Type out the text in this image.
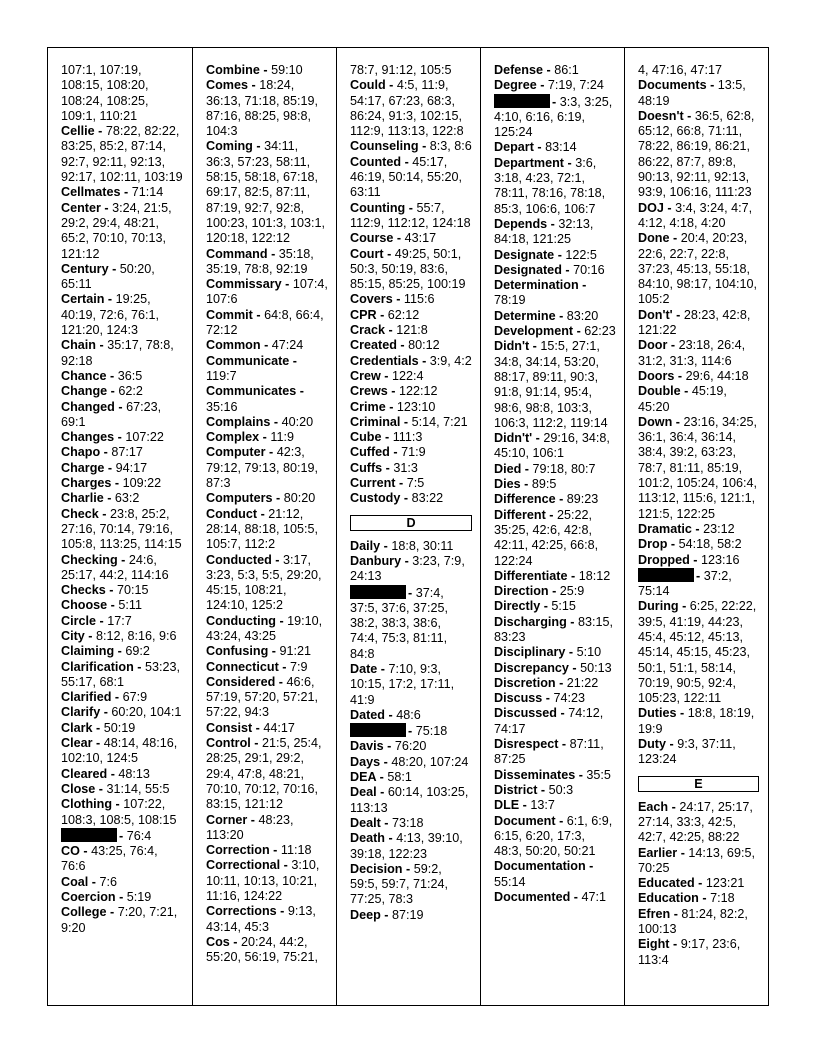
107:1, 107:19, 108:15, 108:20, 108:24, 108:25, 109:1, 110:21
Cellie - 78:22, 82:22, 83:25, 85:2, 87:14, 92:7, 92:11, 92:13, 92:17, 102:11, 103:19
Cellmates - 71:14
Center - 3:24, 21:5, 29:2, 29:4, 48:21, 65:2, 70:10, 70:13, 121:12
Century - 50:20, 65:11
Certain - 19:25, 40:19, 72:6, 76:1, 121:20, 124:3
Chain - 35:17, 78:8, 92:18
Chance - 36:5
Change - 62:2
Changed - 67:23, 69:1
Changes - 107:22
Chapo - 87:17
Charge - 94:17
Charges - 109:22
Charlie - 63:2
Check - 23:8, 25:2, 27:16, 70:14, 79:16, 105:8, 113:25, 114:15
Checking - 24:6, 25:17, 44:2, 114:16
Checks - 70:15
Choose - 5:11
Circle - 17:7
City - 8:12, 8:16, 9:6
Claiming - 69:2
Clarification - 53:23, 55:17, 68:1
Clarified - 67:9
Clarify - 60:20, 104:1
Clark - 50:19
Clear - 48:14, 48:16, 102:10, 124:5
Cleared - 48:13
Close - 31:14, 55:5
Clothing - 107:22, 108:3, 108:5, 108:15
- 76:4
CO - 43:25, 76:4, 76:6
Coal - 7:6
Coercion - 5:19
College - 7:20, 7:21, 9:20
Combine - 59:10
Comes - 18:24, 36:13, 71:18, 85:19, 87:16, 88:25, 98:8, 104:3
Coming - 34:11, 36:3, 57:23, 58:11, 58:15, 58:18, 67:18, 69:17, 82:5, 87:11, 87:19, 92:7, 92:8, 100:23, 101:3, 103:1, 120:18, 122:12
Command - 35:18, 35:19, 78:8, 92:19
Commissary - 107:4, 107:6
Commit - 64:8, 66:4, 72:12
Common - 47:24
Communicate - 119:7
Communicates - 35:16
Complains - 40:20
Complex - 11:9
Computer - 42:3, 79:12, 79:13, 80:19, 87:3
Computers - 80:20
Conduct - 21:12, 28:14, 88:18, 105:5, 105:7, 112:2
Conducted - 3:17, 3:23, 5:3, 5:5, 29:20, 45:15, 108:21, 124:10, 125:2
Conducting - 19:10, 43:24, 43:25
Confusing - 91:21
Connecticut - 7:9
Considered - 46:6, 57:19, 57:20, 57:21, 57:22, 94:3
Consist - 44:17
Control - 21:5, 25:4, 28:25, 29:1, 29:2, 29:4, 47:8, 48:21, 70:10, 70:12, 70:16, 83:15, 121:12
Corner - 48:23, 113:20
Correction - 11:18
Correctional - 3:10, 10:11, 10:13, 10:21, 11:16, 124:22
Corrections - 9:13, 43:14, 45:3
Cos - 20:24, 44:2, 55:20, 56:19, 75:21,
78:7, 91:12, 105:5
Could - 4:5, 11:9, 54:17, 67:23, 68:3, 86:24, 91:3, 102:15, 112:9, 113:13, 122:8
Counseling - 8:3, 8:6
Counted - 45:17, 46:19, 50:14, 55:20, 63:11
Counting - 55:7, 112:9, 112:12, 124:18
Course - 43:17
Court - 49:25, 50:1, 50:3, 50:19, 83:6, 85:15, 85:25, 100:19
Covers - 115:6
CPR - 62:12
Crack - 121:8
Created - 80:12
Credentials - 3:9, 4:2
Crew - 122:4
Crews - 122:12
Crime - 123:10
Criminal - 5:14, 7:21
Cube - 111:3
Cuffed - 71:9
Cuffs - 31:3
Current - 7:5
Custody - 83:22
D
Daily - 18:8, 30:11
Danbury - 3:23, 7:9, 24:13
- 37:4, 37:5, 37:6, 37:25, 38:2, 38:3, 38:6, 74:4, 75:3, 81:11, 84:8
Date - 7:10, 9:3, 10:15, 17:2, 17:11, 41:9
Dated - 48:6
- 75:18
Davis - 76:20
Days - 48:20, 107:24
DEA - 58:1
Deal - 60:14, 103:25, 113:13
Dealt - 73:18
Death - 4:13, 39:10, 39:18, 122:23
Decision - 59:2, 59:5, 59:7, 71:24, 77:25, 78:3
Deep - 87:19
Defense - 86:1
Degree - 7:19, 7:24
- 3:3, 3:25, 4:10, 6:16, 6:19, 125:24
Depart - 83:14
Department - 3:6, 3:18, 4:23, 72:1, 78:11, 78:16, 78:18, 85:3, 106:6, 106:7
Depends - 32:13, 84:18, 121:25
Designate - 122:5
Designated - 70:16
Determination - 78:19
Determine - 83:20
Development - 62:23
Didn't - 15:5, 27:1, 34:8, 34:14, 53:20, 88:17, 89:11, 90:3, 91:8, 91:14, 95:4, 98:6, 98:8, 103:3, 106:3, 112:2, 119:14
Didn't' - 29:16, 34:8, 45:10, 106:1
Died - 79:18, 80:7
Dies - 89:5
Difference - 89:23
Different - 25:22, 35:25, 42:6, 42:8, 42:11, 42:25, 66:8, 122:24
Differentiate - 18:12
Direction - 25:9
Directly - 5:15
Discharging - 83:15, 83:23
Disciplinary - 5:10
Discrepancy - 50:13
Discretion - 21:22
Discuss - 74:23
Discussed - 74:12, 74:17
Disrespect - 87:11, 87:25
Disseminates - 35:5
District - 50:3
DLE - 13:7
Document - 6:1, 6:9, 6:15, 6:20, 17:3, 48:3, 50:20, 50:21
Documentation - 55:14
Documented - 47:1
4, 47:16, 47:17
Documents - 13:5, 48:19
Doesn't - 36:5, 62:8, 65:12, 66:8, 71:11, 78:22, 86:19, 86:21, 86:22, 87:7, 89:8, 90:13, 92:11, 92:13, 93:9, 106:16, 111:23
DOJ - 3:4, 3:24, 4:7, 4:12, 4:18, 4:20
Done - 20:4, 20:23, 22:6, 22:7, 22:8, 37:23, 45:13, 55:18, 84:10, 98:17, 104:10, 105:2
Don't' - 28:23, 42:8, 121:22
Door - 23:18, 26:4, 31:2, 31:3, 114:6
Doors - 29:6, 44:18
Double - 45:19, 45:20
Down - 23:16, 34:25, 36:1, 36:4, 36:14, 38:4, 39:2, 63:23, 78:7, 81:11, 85:19, 101:2, 105:24, 106:4, 113:12, 115:6, 121:1, 121:5, 122:25
Dramatic - 23:12
Drop - 54:18, 58:2
Dropped - 123:16
- 37:2, 75:14
During - 6:25, 22:22, 39:5, 41:19, 44:23, 45:4, 45:12, 45:13, 45:14, 45:15, 45:23, 50:1, 51:1, 58:14, 70:19, 90:5, 92:4, 105:23, 122:11
Duties - 18:8, 18:19, 19:9
Duty - 9:3, 37:11, 123:24
E
Each - 24:17, 25:17, 27:14, 33:3, 42:5, 42:7, 42:25, 88:22
Earlier - 14:13, 69:5, 70:25
Educated - 123:21
Education - 7:18
Efren - 81:24, 82:2, 100:13
Eight - 9:17, 23:6, 113:4
